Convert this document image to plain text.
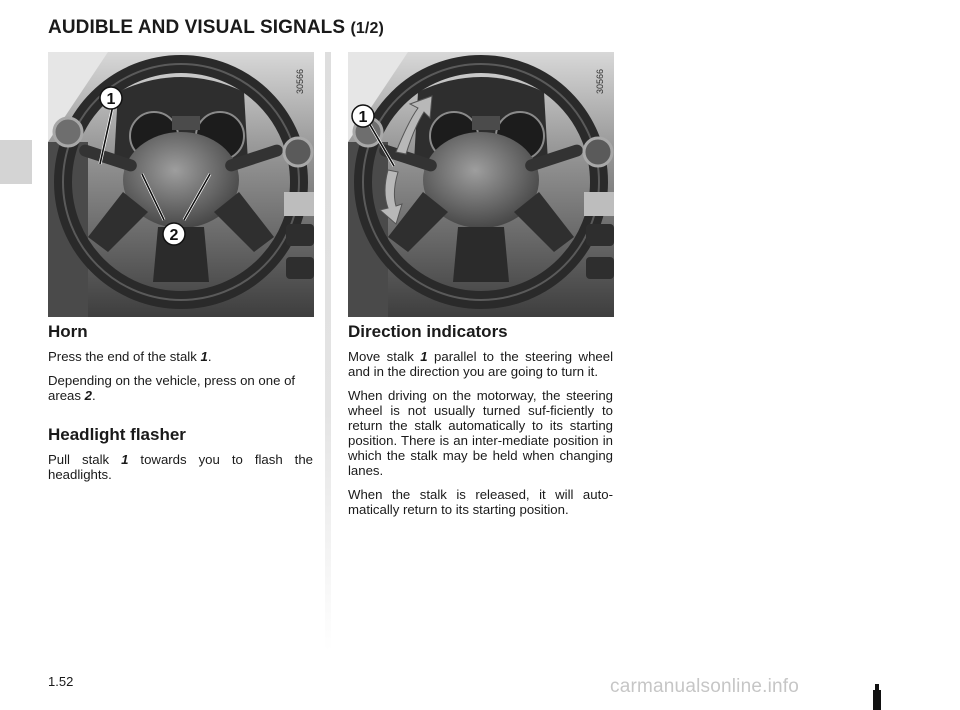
AUDIBLE AND VISUAL SIGNALS (1/2)
1
2
30566
1
30566
Horn

Press the end of the stalk 1.

Depending on the vehicle, press on one of areas 2.

Headlight flasher

Pull stalk 1 towards you to flash the headlights.

Direction indicators

Move stalk 1 parallel to the steering wheel and in the direction you are going to turn it.

When driving on the motorway, the steering wheel is not usually turned suf-ficiently to return the stalk automatically to its starting position. There is an inter-mediate position in which the stalk may be held when changing lanes.

When the stalk is released, it will auto-matically return to its starting position.

1.52	carmanualsonline.info
